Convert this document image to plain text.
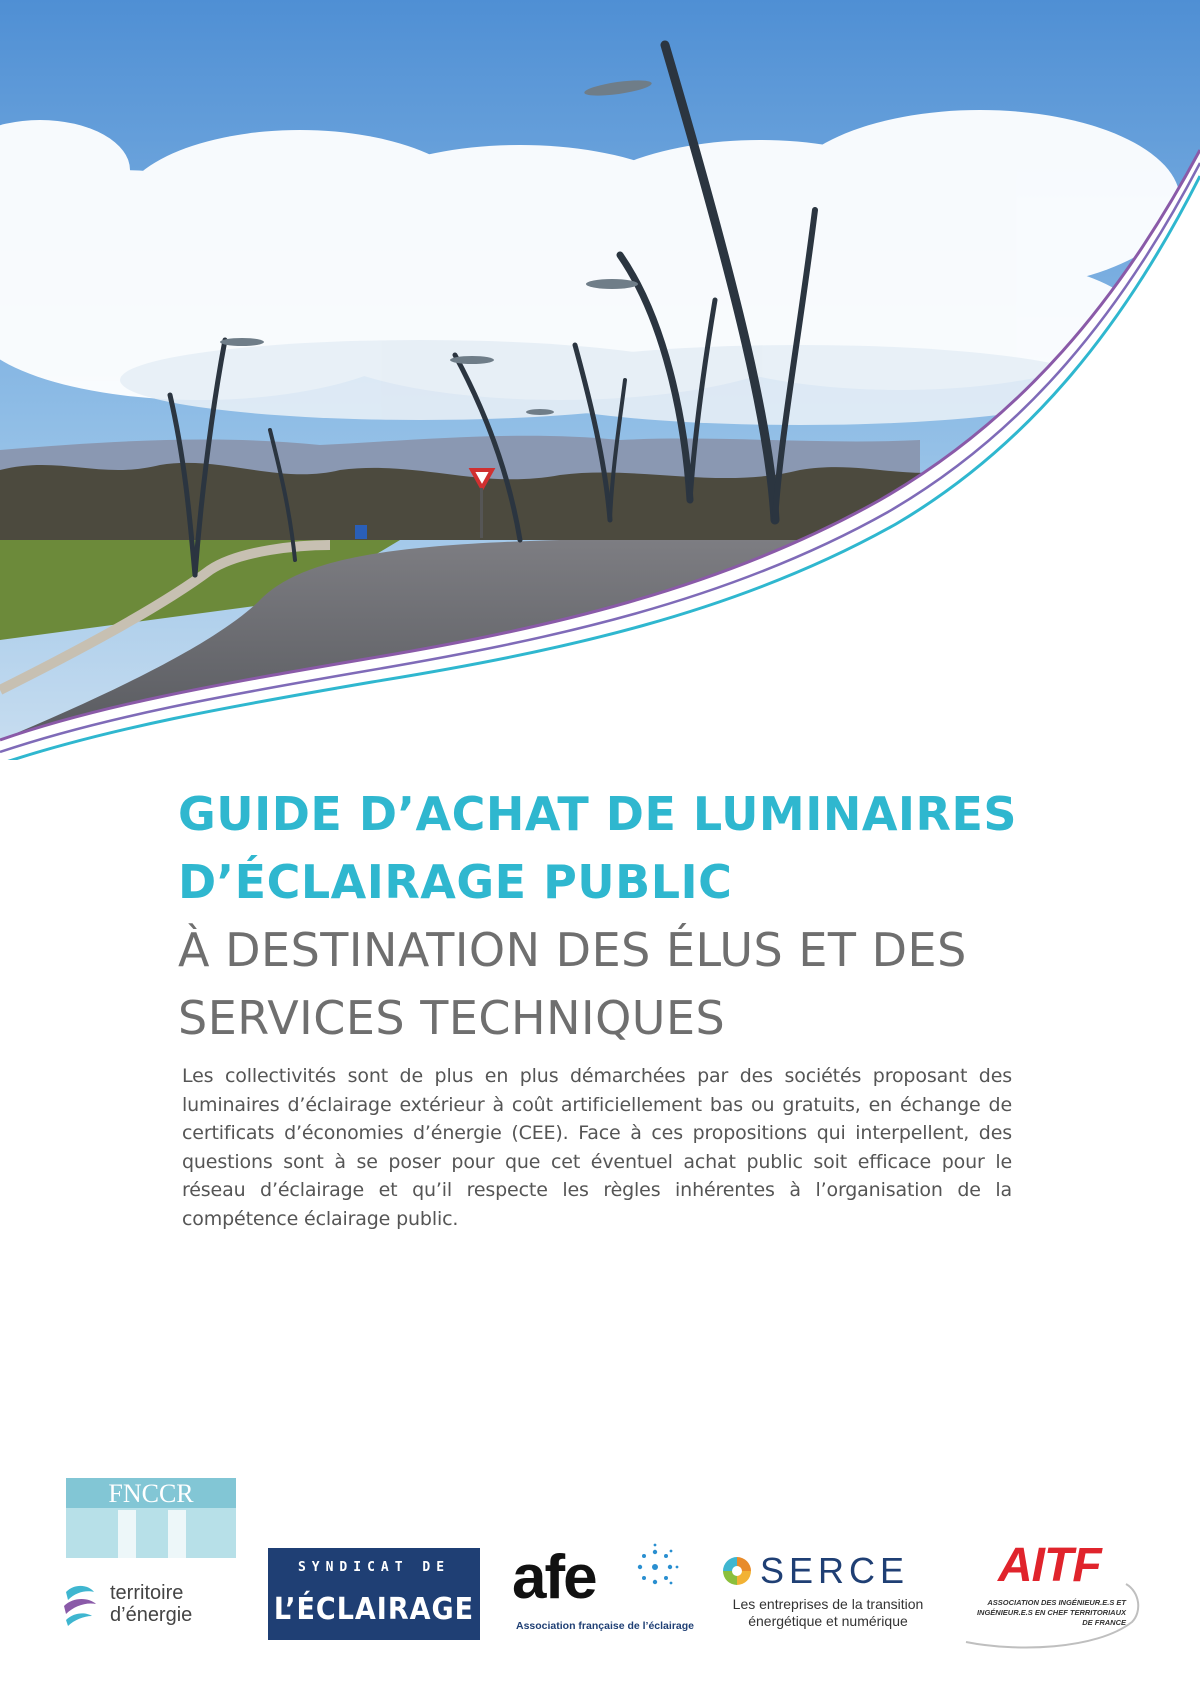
GUIDE D’ACHAT DE LUMINAIRES
D’ÉCLAIRAGE PUBLIC
À DESTINATION DES ÉLUS ET DES
SERVICES TECHNIQUES
Les collectivités sont de plus en plus démarchées par des sociétés proposant des luminaires d’éclairage extérieur à coût artificiellement bas ou gratuits, en échange de certificats d’économies d’énergie (CEE). Face à ces propositions qui interpellent, des questions sont à se poser pour que cet éventuel achat public soit efficace pour le réseau d’éclairage et qu’il respecte les règles inhérentes à l’organisation de la compétence éclairage public.
FNCCR
territoire
d’énergie
SYNDICAT DE
L’ÉCLAIRAGE afe
Association française de l’éclairage
SERCE
Les entreprises de la transition
énergétique et numérique
AITF
ASSOCIATION DES INGÉNIEUR.E.S ET
INGÉNIEUR.E.S EN CHEF TERRITORIAUX
DE FRANCE
